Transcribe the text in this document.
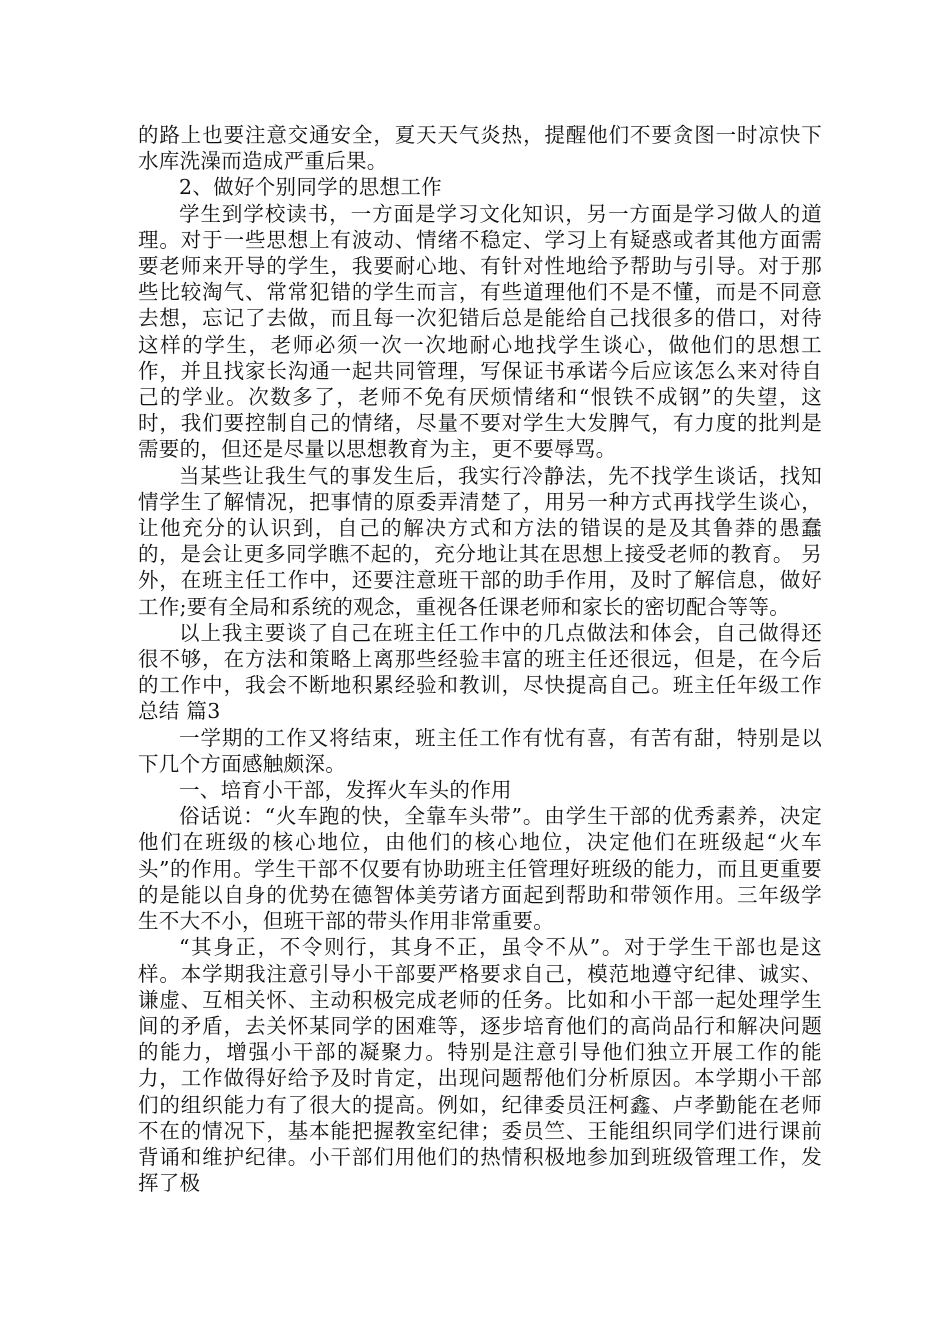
的路上也要注意交通安全，夏天天气炎热，提醒他们不要贪图一时凉快下水库洗澡而造成严重后果。

2、做好个别同学的思想工作

学生到学校读书，一方面是学习文化知识，另一方面是学习做人的道理。对于一些思想上有波动、情绪不稳定、学习上有疑惑或者其他方面需要老师来开导的学生，我要耐心地、有针对性地给予帮助与引导。对于那些比较淘气、常常犯错的学生而言，有些道理他们不是不懂，而是不同意去想，忘记了去做，而且每一次犯错后总是能给自己找很多的借口，对待这样的学生，老师必须一次一次地耐心地找学生谈心，做他们的思想工作，并且找家长沟通一起共同管理，写保证书承诺今后应该怎么来对待自己的学业。次数多了，老师不免有厌烦情绪和“恨铁不成钢”的失望，这时，我们要控制自己的情绪，尽量不要对学生大发脾气，有力度的批判是需要的，但还是尽量以思想教育为主，更不要辱骂。

当某些让我生气的事发生后，我实行冷静法，先不找学生谈话，找知情学生了解情况，把事情的原委弄清楚了，用另一种方式再找学生谈心，让他充分的认识到，自己的解决方式和方法的错误的是及其鲁莽的愚蠢的，是会让更多同学瞧不起的，充分地让其在思想上接受老师的教育。 另外，在班主任工作中，还要注意班干部的助手作用，及时了解信息，做好工作;要有全局和系统的观念，重视各任课老师和家长的密切配合等等。

以上我主要谈了自己在班主任工作中的几点做法和体会，自己做得还很不够，在方法和策略上离那些经验丰富的班主任还很远，但是，在今后的工作中，我会不断地积累经验和教训，尽快提高自己。班主任年级工作总结 篇3

一学期的工作又将结束，班主任工作有忧有喜，有苦有甜，特别是以下几个方面感触颇深。

一、培育小干部，发挥火车头的作用

俗话说：“火车跑的快，全靠车头带”。由学生干部的优秀素养，决定他们在班级的核心地位，由他们的核心地位，决定他们在班级起“火车头”的作用。学生干部不仅要有协助班主任管理好班级的能力，而且更重要的是能以自身的优势在德智体美劳诸方面起到帮助和带领作用。三年级学生不大不小，但班干部的带头作用非常重要。

“其身正，不令则行，其身不正，虽令不从”。对于学生干部也是这样。本学期我注意引导小干部要严格要求自己，模范地遵守纪律、诚实、谦虚、互相关怀、主动积极完成老师的任务。比如和小干部一起处理学生间的矛盾，去关怀某同学的困难等，逐步培育他们的高尚品行和解决问题的能力，增强小干部的凝聚力。特别是注意引导他们独立开展工作的能力，工作做得好给予及时肯定，出现问题帮他们分析原因。本学期小干部们的组织能力有了很大的提高。例如，纪律委员汪柯鑫、卢孝勤能在老师不在的情况下，基本能把握教室纪律；委员竺、王能组织同学们进行课前背诵和维护纪律。小干部们用他们的热情积极地参加到班级管理工作，发挥了极
